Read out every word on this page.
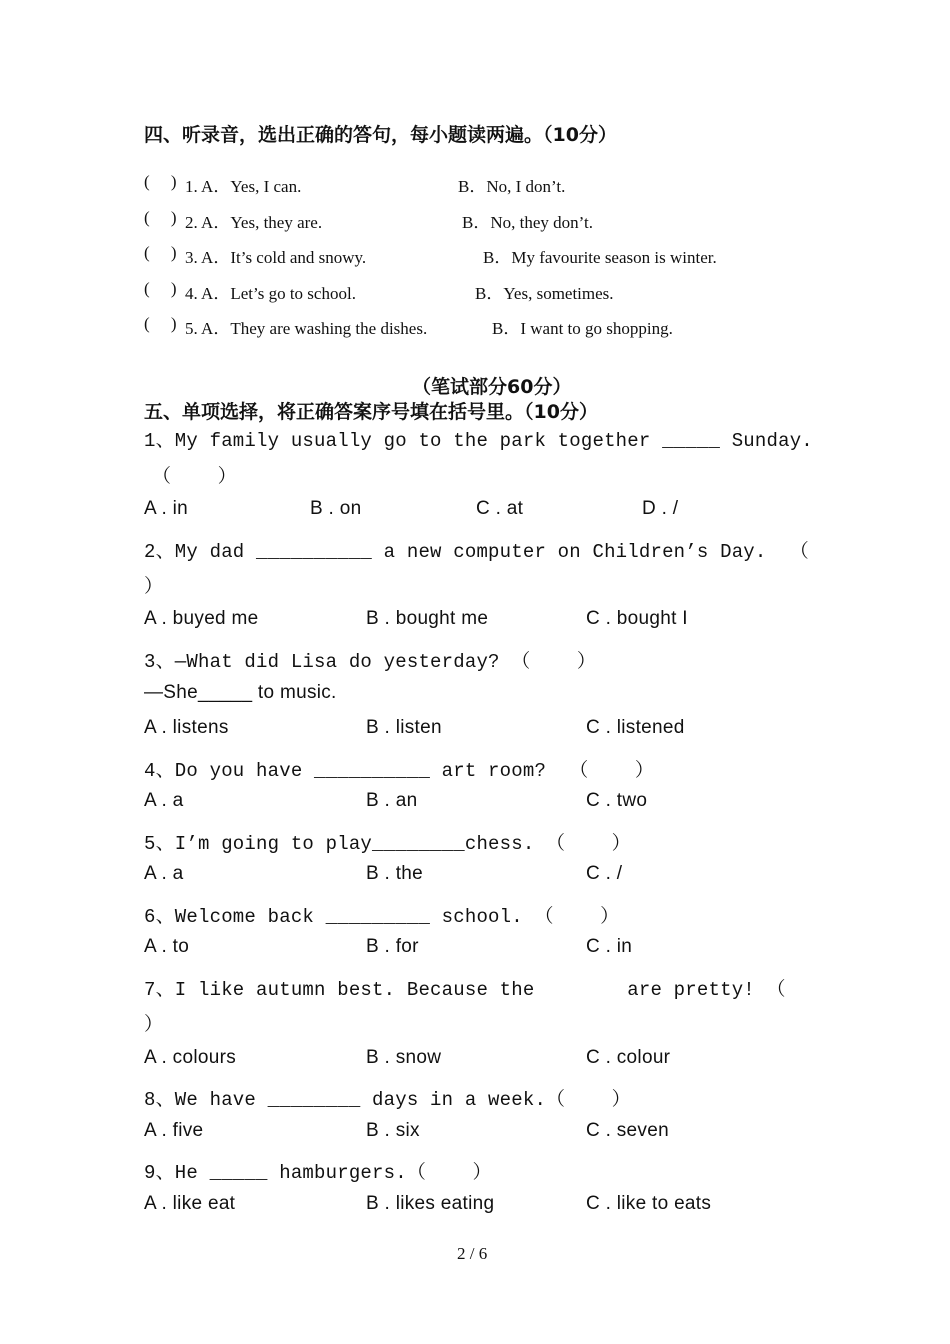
四、听录音，选出正确的答句，每小题读两遍。（10分）
(     ) 1. A．Yes, I can.	B．No, I don’t.
(     ) 2. A．Yes, they are.	B．No, they don’t.
(     ) 3. A．It’s cold and snowy.	B．My favourite season is winter.
(     ) 4. A．Let’s go to school.	B．Yes, sometimes.
(     ) 5. A．They are washing the dishes.	B．I want to go shopping.
（笔试部分60分）
五、单项选择，将正确答案序号填在括号里。（10分）
1、My family usually go to the park together _____ Sunday.
（    ）
A . in	B . on	C . at	D . /
2、My dad __________ a new computer on Children’s Day.  （
）
A . buyed me	B . bought me	C . bought I
3、—What did Lisa do yesterday? （    ）
—She_____ to music.
A . listens	B . listen	C . listened
4、Do you have __________ art room?  （    ）
A . a	B . an	C . two
5、I’m going to play________chess. （    ）
A . a	B . the	C . /
6、Welcome back _________ school. （    ）
A . to	B . for	C . in
7、I like autumn best. Because the        are pretty! （
）
A . colours	B . snow	C . colour
8、We have ________ days in a week.（    ）
A . five	B . six	C . seven
9、He _____ hamburgers.（    ）
A . like eat	B . likes eating	C . like to eats
2 / 6
